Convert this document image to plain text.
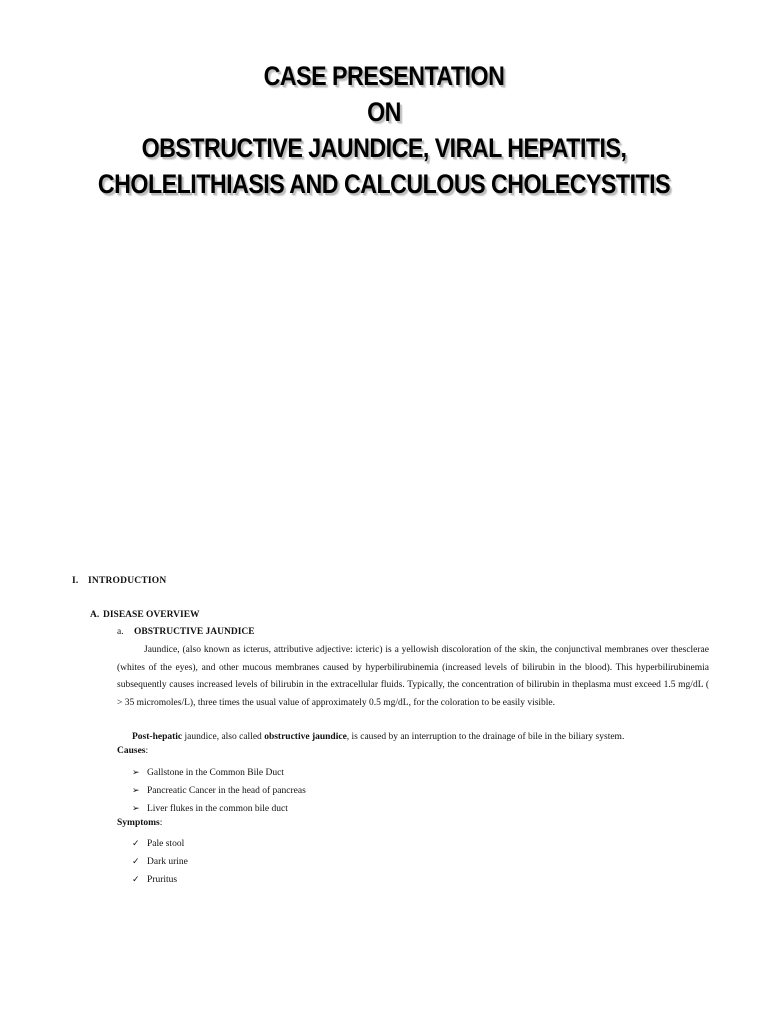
CASE PRESENTATION
ON
OBSTRUCTIVE JAUNDICE, VIRAL HEPATITIS,
CHOLELITHIASIS AND CALCULOUS CHOLECYSTITIS
I. INTRODUCTION
A. DISEASE OVERVIEW
a. OBSTRUCTIVE JAUNDICE
Jaundice, (also known as icterus, attributive adjective: icteric) is a yellowish discoloration of the skin, the conjunctival membranes over thesclerae (whites of the eyes), and other mucous membranes caused by hyperbilirubinemia (increased levels of bilirubin in the blood). This hyperbilirubinemia subsequently causes increased levels of bilirubin in the extracellular fluids. Typically, the concentration of bilirubin in theplasma must exceed 1.5 mg/dL ( > 35 micromoles/L), three times the usual value of approximately 0.5 mg/dL, for the coloration to be easily visible.
Post-hepatic jaundice, also called obstructive jaundice, is caused by an interruption to the drainage of bile in the biliary system.
Causes:
➢ Gallstone in the Common Bile Duct
➢ Pancreatic Cancer in the head of pancreas
➢ Liver flukes in the common bile duct
Symptoms:
✓ Pale stool
✓ Dark urine
✓ Pruritus
